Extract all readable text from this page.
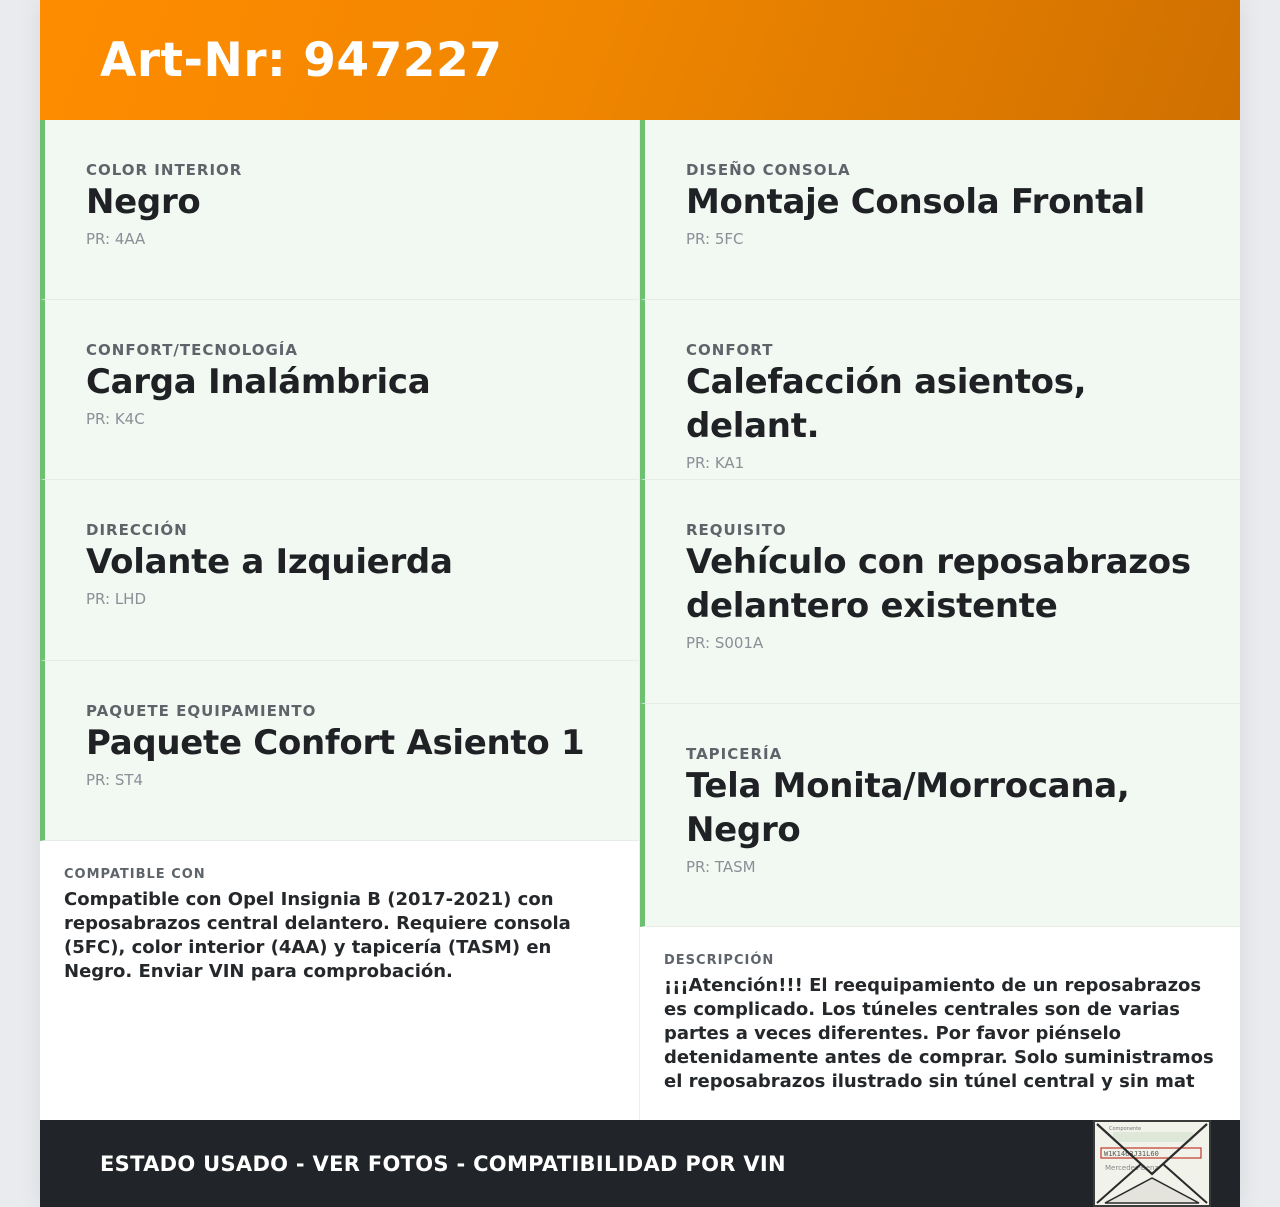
Art-Nr: 947227
COLOR INTERIOR
Negro
PR: 4AA
CONFORT/TECNOLOGÍA
Carga Inalámbrica
PR: K4C
DIRECCIÓN
Volante a Izquierda
PR: LHD
PAQUETE EQUIPAMIENTO
Paquete Confort Asiento 1
PR: ST4
COMPATIBLE CON
Compatible con Opel Insignia B (2017-2021) con reposabrazos central delantero. Requiere consola (5FC), color interior (4AA) y tapicería (TASM) en Negro. Enviar VIN para comprobación.
DISEÑO CONSOLA
Montaje Consola Frontal
PR: 5FC
CONFORT
Calefacción asientos, delant.
PR: KA1
REQUISITO
Vehículo con reposabrazos delantero existente
PR: S001A
TAPICERÍA
Tela Monita/Morrocana, Negro
PR: TASM
DESCRIPCIÓN
¡¡¡Atención!!! El reequipamiento de un reposabrazos es complicado. Los túneles centrales son de varias partes a veces diferentes. Por favor piénselo detenidamente antes de comprar. Solo suministramos el reposabrazos ilustrado sin túnel central y sin mat
ESTADO USADO - VER FOTOS - COMPATIBILIDAD POR VIN	W1K1463J31L60
Componente
Mercedes-Benz
